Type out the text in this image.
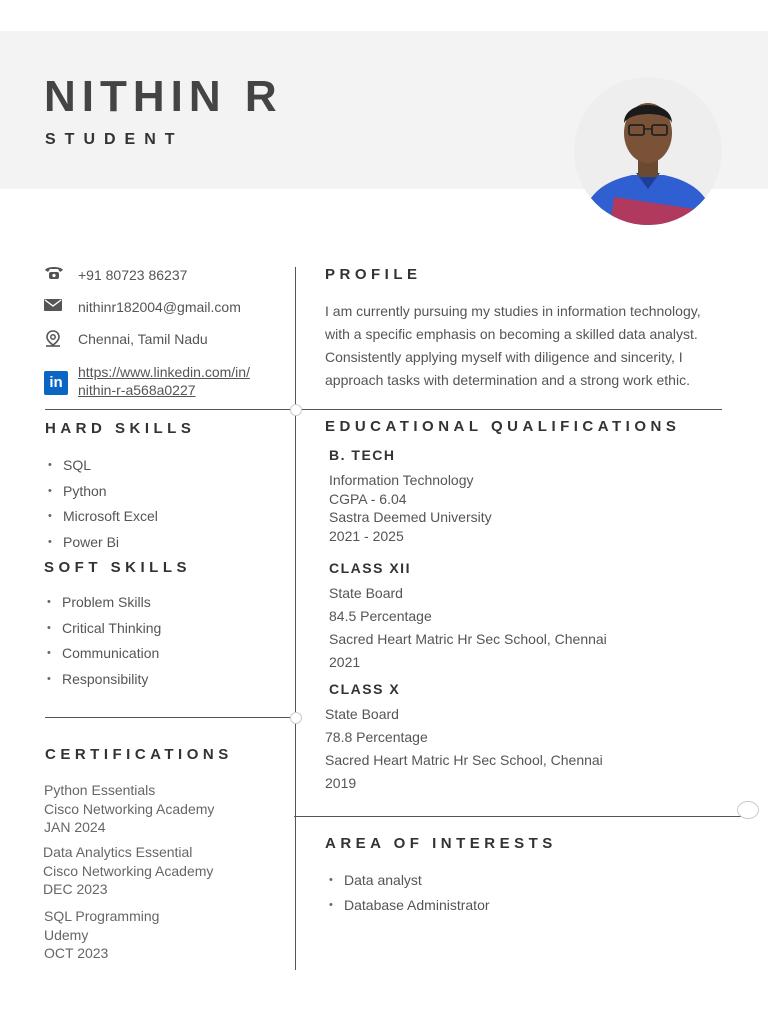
NITHIN R
STUDENT
+91 80723 86237
nithinr182004@gmail.com
Chennai, Tamil Nadu
in
https://www.linkedin.com/in/
nithin-r-a568a0227
HARD SKILLS
• SQL
• Python
• Microsoft Excel
• Power Bi
SOFT SKILLS
• Problem Skills
• Critical Thinking
• Communication
• Responsibility
CERTIFICATIONS
Python Essentials
Cisco Networking Academy
JAN 2024
Data Analytics Essential
Cisco Networking Academy
DEC 2023
SQL Programming
Udemy
OCT 2023
PROFILE

I am currently pursuing my studies in information technology, with a specific emphasis on becoming a skilled data analyst. Consistently applying myself with diligence and sincerity, I approach tasks with determination and a strong work ethic.

EDUCATIONAL QUALIFICATIONS
B. TECH
Information Technology
CGPA - 6.04
Sastra Deemed University
2021 - 2025
CLASS XII
State Board
84.5 Percentage
Sacred Heart Matric Hr Sec School, Chennai
2021
CLASS X
State Board
78.8 Percentage
Sacred Heart Matric Hr Sec School, Chennai
2019
AREA OF INTERESTS
• Data analyst
• Database Administrator
